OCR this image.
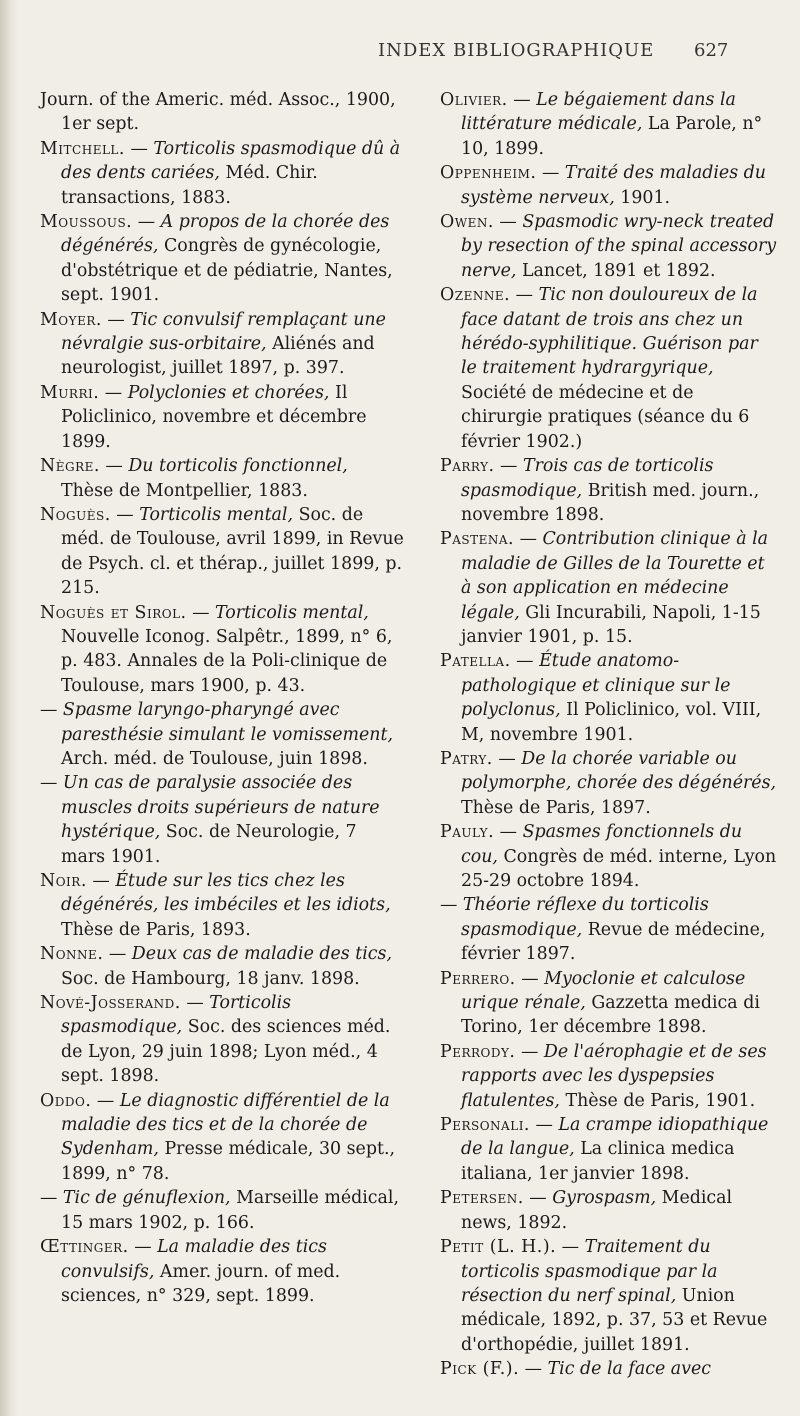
INDEX BIBLIOGRAPHIQUE 627

Journ. of the Americ. méd. Assoc., 1900, 1er sept.

Mitchell. — Torticolis spasmodique dû à des dents cariées, Méd. Chir. transactions, 1883.

Moussous. — A propos de la chorée des dégénérés, Congrès de gynécologie, d'obstétrique et de pédiatrie, Nantes, sept. 1901.

Moyer. — Tic convulsif remplaçant une névralgie sus-orbitaire, Aliénés and neurologist, juillet 1897, p. 397.

Murri. — Polyclonies et chorées, Il Policlinico, novembre et décembre 1899.

Nègre. — Du torticolis fonctionnel, Thèse de Montpellier, 1883.

Noguès. — Torticolis mental, Soc. de méd. de Toulouse, avril 1899, in Revue de Psych. cl. et thérap., juillet 1899, p. 215.

Noguès et Sirol. — Torticolis mental, Nouvelle Iconog. Salpêtr., 1899, n° 6, p. 483. Annales de la Poli-clinique de Toulouse, mars 1900, p. 43.

— Spasme laryngo-pharyngé avec paresthésie simulant le vomissement, Arch. méd. de Toulouse, juin 1898.

— Un cas de paralysie associée des muscles droits supérieurs de nature hystérique, Soc. de Neurologie, 7 mars 1901.

Noir. — Étude sur les tics chez les dégénérés, les imbéciles et les idiots, Thèse de Paris, 1893.

Nonne. — Deux cas de maladie des tics, Soc. de Hambourg, 18 janv. 1898.

Nové-Josserand. — Torticolis spasmodique, Soc. des sciences méd. de Lyon, 29 juin 1898; Lyon méd., 4 sept. 1898.

Oddo. — Le diagnostic différentiel de la maladie des tics et de la chorée de Sydenham, Presse médicale, 30 sept., 1899, n° 78.

— Tic de génuflexion, Marseille médical, 15 mars 1902, p. 166.

Œttinger. — La maladie des tics convulsifs, Amer. journ. of med. sciences, n° 329, sept. 1899.

Olivier. — Le bégaiement dans la littérature médicale, La Parole, n° 10, 1899.

Oppenheim. — Traité des maladies du système nerveux, 1901.

Owen. — Spasmodic wry-neck treated by resection of the spinal accessory nerve, Lancet, 1891 et 1892.

Ozenne. — Tic non douloureux de la face datant de trois ans chez un hérédo-syphilitique. Guérison par le traitement hydrargyrique, Société de médecine et de chirurgie pratiques (séance du 6 février 1902.)

Parry. — Trois cas de torticolis spasmodique, British med. journ., novembre 1898.

Pastena. — Contribution clinique à la maladie de Gilles de la Tourette et à son application en médecine légale, Gli Incurabili, Napoli, 1-15 janvier 1901, p. 15.

Patella. — Étude anatomo-pathologique et clinique sur le polyclonus, Il Policlinico, vol. VIII, M, novembre 1901.

Patry. — De la chorée variable ou polymorphe, chorée des dégénérés, Thèse de Paris, 1897.

Pauly. — Spasmes fonctionnels du cou, Congrès de méd. interne, Lyon 25-29 octobre 1894.

— Théorie réflexe du torticolis spasmodique, Revue de médecine, février 1897.

Perrero. — Myoclonie et calculose urique rénale, Gazzetta medica di Torino, 1er décembre 1898.

Perrody. — De l'aérophagie et de ses rapports avec les dyspepsies flatulentes, Thèse de Paris, 1901.

Personali. — La crampe idiopathique de la langue, La clinica medica italiana, 1er janvier 1898.

Petersen. — Gyrospasm, Medical news, 1892.

Petit (L. H.). — Traitement du torticolis spasmodique par la résection du nerf spinal, Union médicale, 1892, p. 37, 53 et Revue d'orthopédie, juillet 1891.

Pick (F.). — Tic de la face avec
